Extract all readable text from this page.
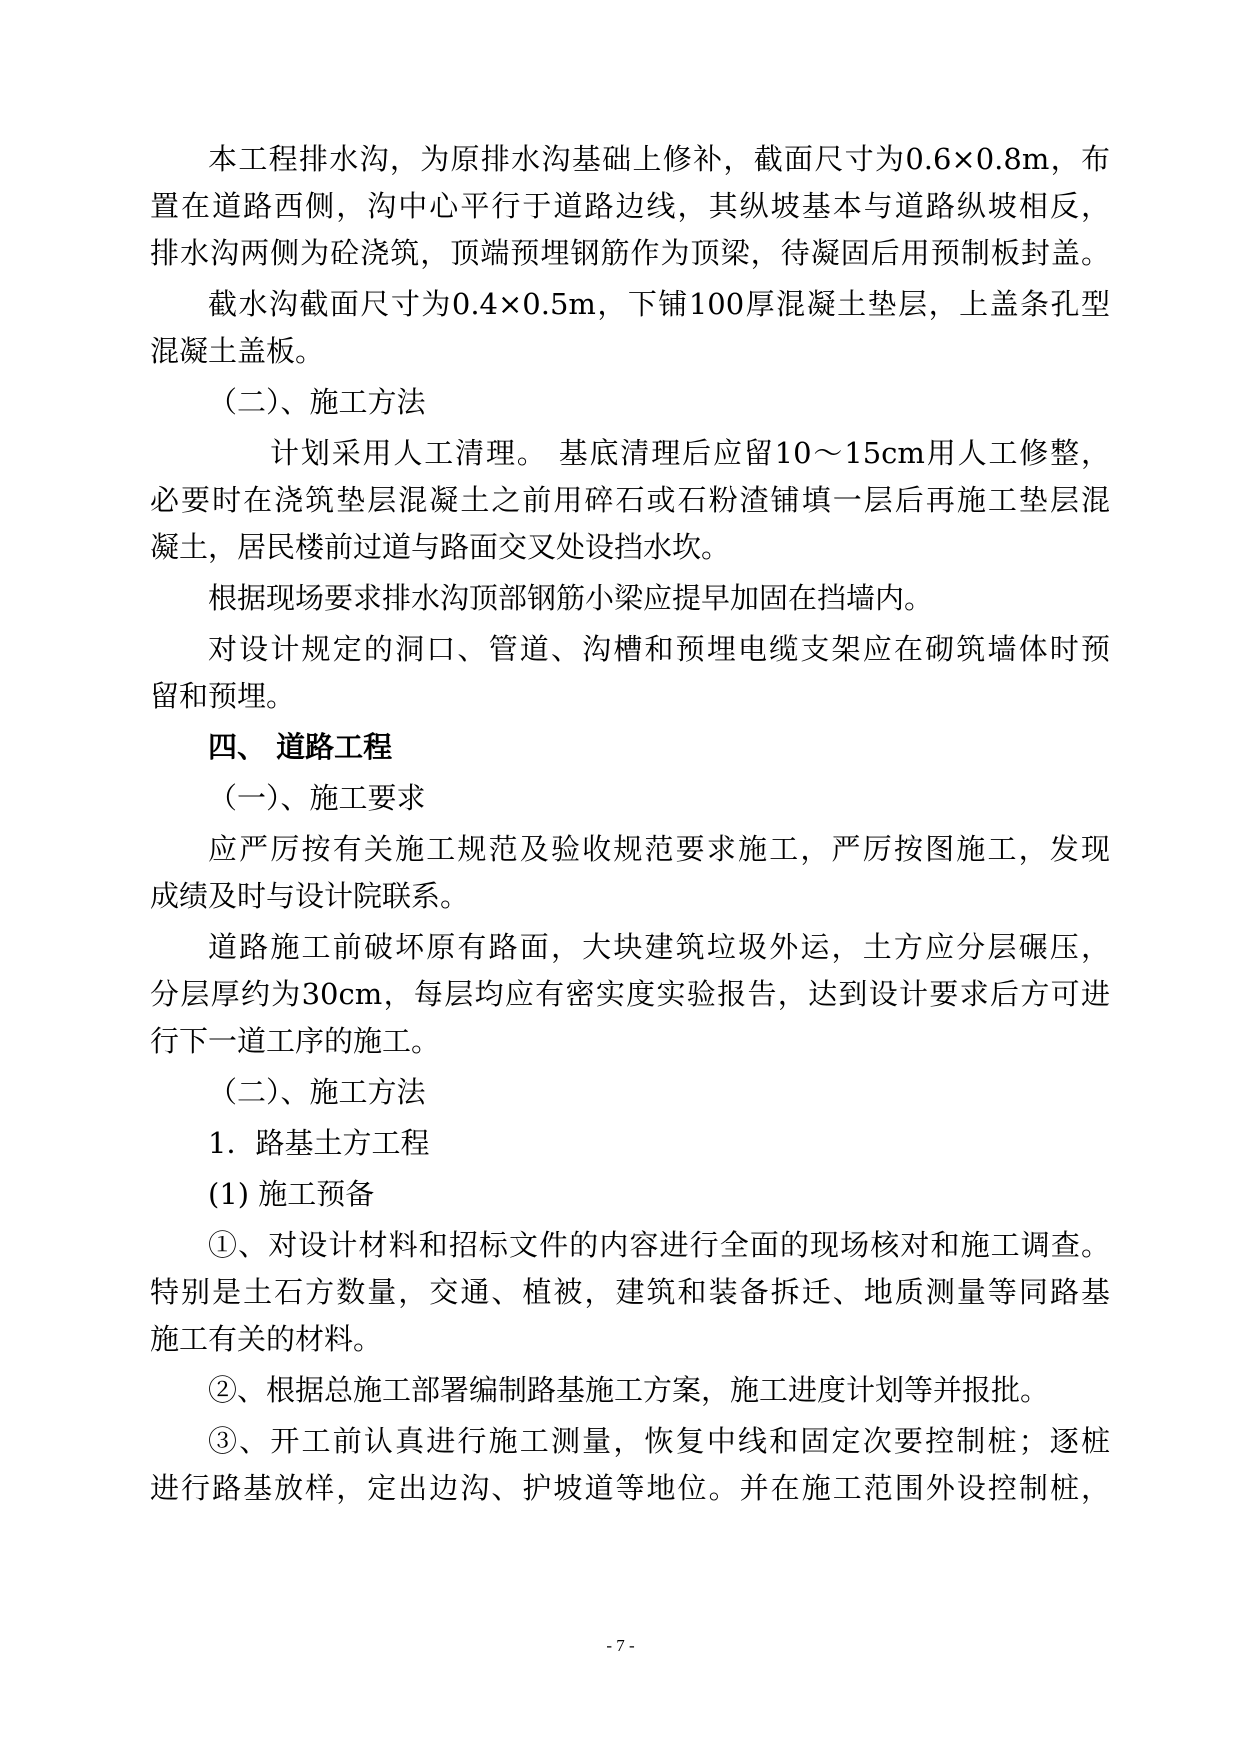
本工程排水沟，为原排水沟基础上修补，截面尺寸为0.6×0.8m，布
置在道路西侧，沟中心平行于道路边线，其纵坡基本与道路纵坡相反，
排水沟两侧为砼浇筑，顶端预埋钢筋作为顶梁，待凝固后用预制板封盖。
截水沟截面尺寸为0.4×0.5m，下铺100厚混凝土垫层，上盖条孔型
混凝土盖板。
（二）、施工方法
计划采用人工清理。 基底清理后应留10～15cm用人工修整，
必要时在浇筑垫层混凝土之前用碎石或石粉渣铺填一层后再施工垫层混
凝土，居民楼前过道与路面交叉处设挡水坎。
根据现场要求排水沟顶部钢筋小梁应提早加固在挡墙内。
对设计规定的洞口、管道、沟槽和预埋电缆支架应在砌筑墙体时预
留和预埋。
四、 道路工程
（一）、施工要求
应严厉按有关施工规范及验收规范要求施工，严厉按图施工，发现
成绩及时与设计院联系。
道路施工前破坏原有路面，大块建筑垃圾外运，土方应分层碾压，
分层厚约为30cm，每层均应有密实度实验报告，达到设计要求后方可进
行下一道工序的施工。
（二）、施工方法
1．路基土方工程
(1) 施工预备
①、对设计材料和招标文件的内容进行全面的现场核对和施工调查。
特别是土石方数量，交通、植被，建筑和装备拆迁、地质测量等同路基
施工有关的材料。
②、根据总施工部署编制路基施工方案，施工进度计划等并报批。
③、开工前认真进行施工测量，恢复中线和固定次要控制桩；逐桩
进行路基放样，定出边沟、护坡道等地位。并在施工范围外设控制桩，
- 7 -
